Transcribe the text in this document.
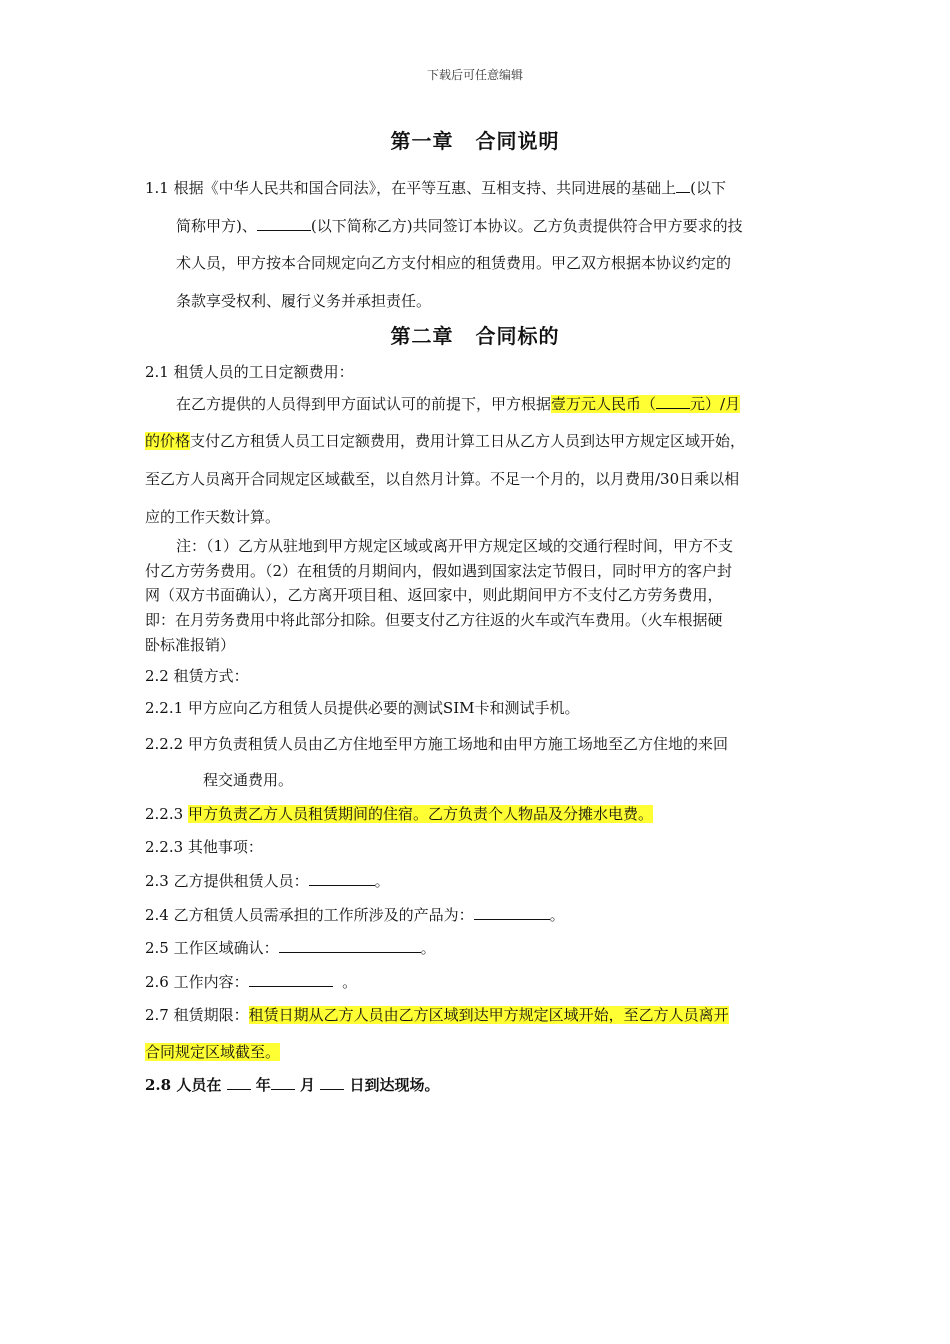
下载后可任意编辑
第一章 合同说明
1.1 根据《中华人民共和国合同法》，在平等互惠、互相支持、共同进展的基础上 (以下
简称甲方)、	(以下简称乙方)共同签订本协议。乙方负责提供符合甲方要求的技
术人员，甲方按本合同规定向乙方支付相应的租赁费用。甲乙双方根据本协议约定的
条款享受权利、履行义务并承担责任。
第二章 合同标的
2.1 租赁人员的工日定额费用：
在乙方提供的人员得到甲方面试认可的前提下，甲方根据壹万元人民币（ 元）/月
的价格支付乙方租赁人员工日定额费用，费用计算工日从乙方人员到达甲方规定区域开始，
至乙方人员离开合同规定区域截至，以自然月计算。不足一个月的，以月费用/30日乘以相
应的工作天数计算。
注：（1）乙方从驻地到甲方规定区域或离开甲方规定区域的交通行程时间，甲方不支
付乙方劳务费用。（2）在租赁的月期间内，假如遇到国家法定节假日，同时甲方的客户封
网（双方书面确认），乙方离开项目租、返回家中，则此期间甲方不支付乙方劳务费用，
即：在月劳务费用中将此部分扣除。但要支付乙方往返的火车或汽车费用。（火车根据硬
卧标准报销）
2.2 租赁方式：
2.2.1 甲方应向乙方租赁人员提供必要的测试SIM卡和测试手机。
2.2.2 甲方负责租赁人员由乙方住地至甲方施工场地和由甲方施工场地至乙方住地的来回
程交通费用。
2.2.3 甲方负责乙方人员租赁期间的住宿。乙方负责个人物品及分摊水电费。
2.2.3 其他事项：
2.3 乙方提供租赁人员：	。
2.4 乙方租赁人员需承担的工作所涉及的产品为：	。
2.5 工作区域确认：	。
2.6 工作内容：	。
2.7 租赁期限：租赁日期从乙方人员由乙方区域到达甲方规定区域开始，至乙方人员离开
合同规定区域截至。
2.8 人员在 年 月 日到达现场。
